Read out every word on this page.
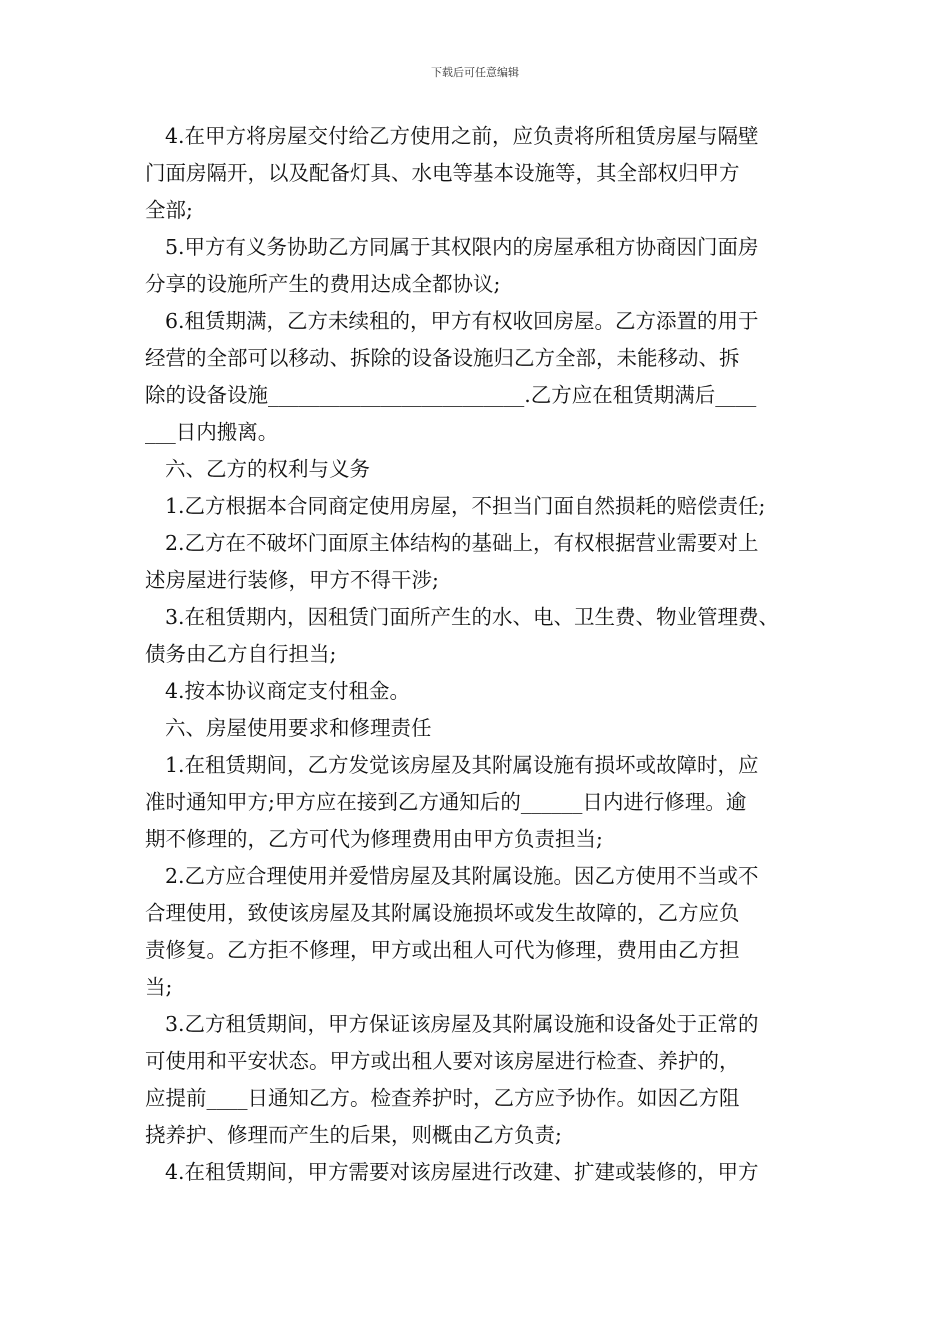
下载后可任意编辑
4.在甲方将房屋交付给乙方使用之前，应负责将所租赁房屋与隔壁
门面房隔开，以及配备灯具、水电等基本设施等，其全部权归甲方
全部;
5.甲方有义务协助乙方同属于其权限内的房屋承租方协商因门面房
分享的设施所产生的费用达成全都协议;
6.租赁期满，乙方未续租的，甲方有权收回房屋。乙方添置的用于
经营的全部可以移动、拆除的设备设施归乙方全部，未能移动、拆
除的设备设施_________________________.乙方应在租赁期满后____
___日内搬离。
六、乙方的权利与义务
1.乙方根据本合同商定使用房屋，不担当门面自然损耗的赔偿责任;
2.乙方在不破坏门面原主体结构的基础上，有权根据营业需要对上
述房屋进行装修，甲方不得干涉;
3.在租赁期内，因租赁门面所产生的水、电、卫生费、物业管理费、
债务由乙方自行担当;
4.按本协议商定支付租金。
六、房屋使用要求和修理责任
1.在租赁期间，乙方发觉该房屋及其附属设施有损坏或故障时，应
准时通知甲方;甲方应在接到乙方通知后的______日内进行修理。逾
期不修理的，乙方可代为修理费用由甲方负责担当;
2.乙方应合理使用并爱惜房屋及其附属设施。因乙方使用不当或不
合理使用，致使该房屋及其附属设施损坏或发生故障的，乙方应负
责修复。乙方拒不修理，甲方或出租人可代为修理，费用由乙方担
当;
3.乙方租赁期间，甲方保证该房屋及其附属设施和设备处于正常的
可使用和平安状态。甲方或出租人要对该房屋进行检查、养护的，
应提前____日通知乙方。检查养护时，乙方应予协作。如因乙方阻
挠养护、修理而产生的后果，则概由乙方负责;
4.在租赁期间，甲方需要对该房屋进行改建、扩建或装修的，甲方
